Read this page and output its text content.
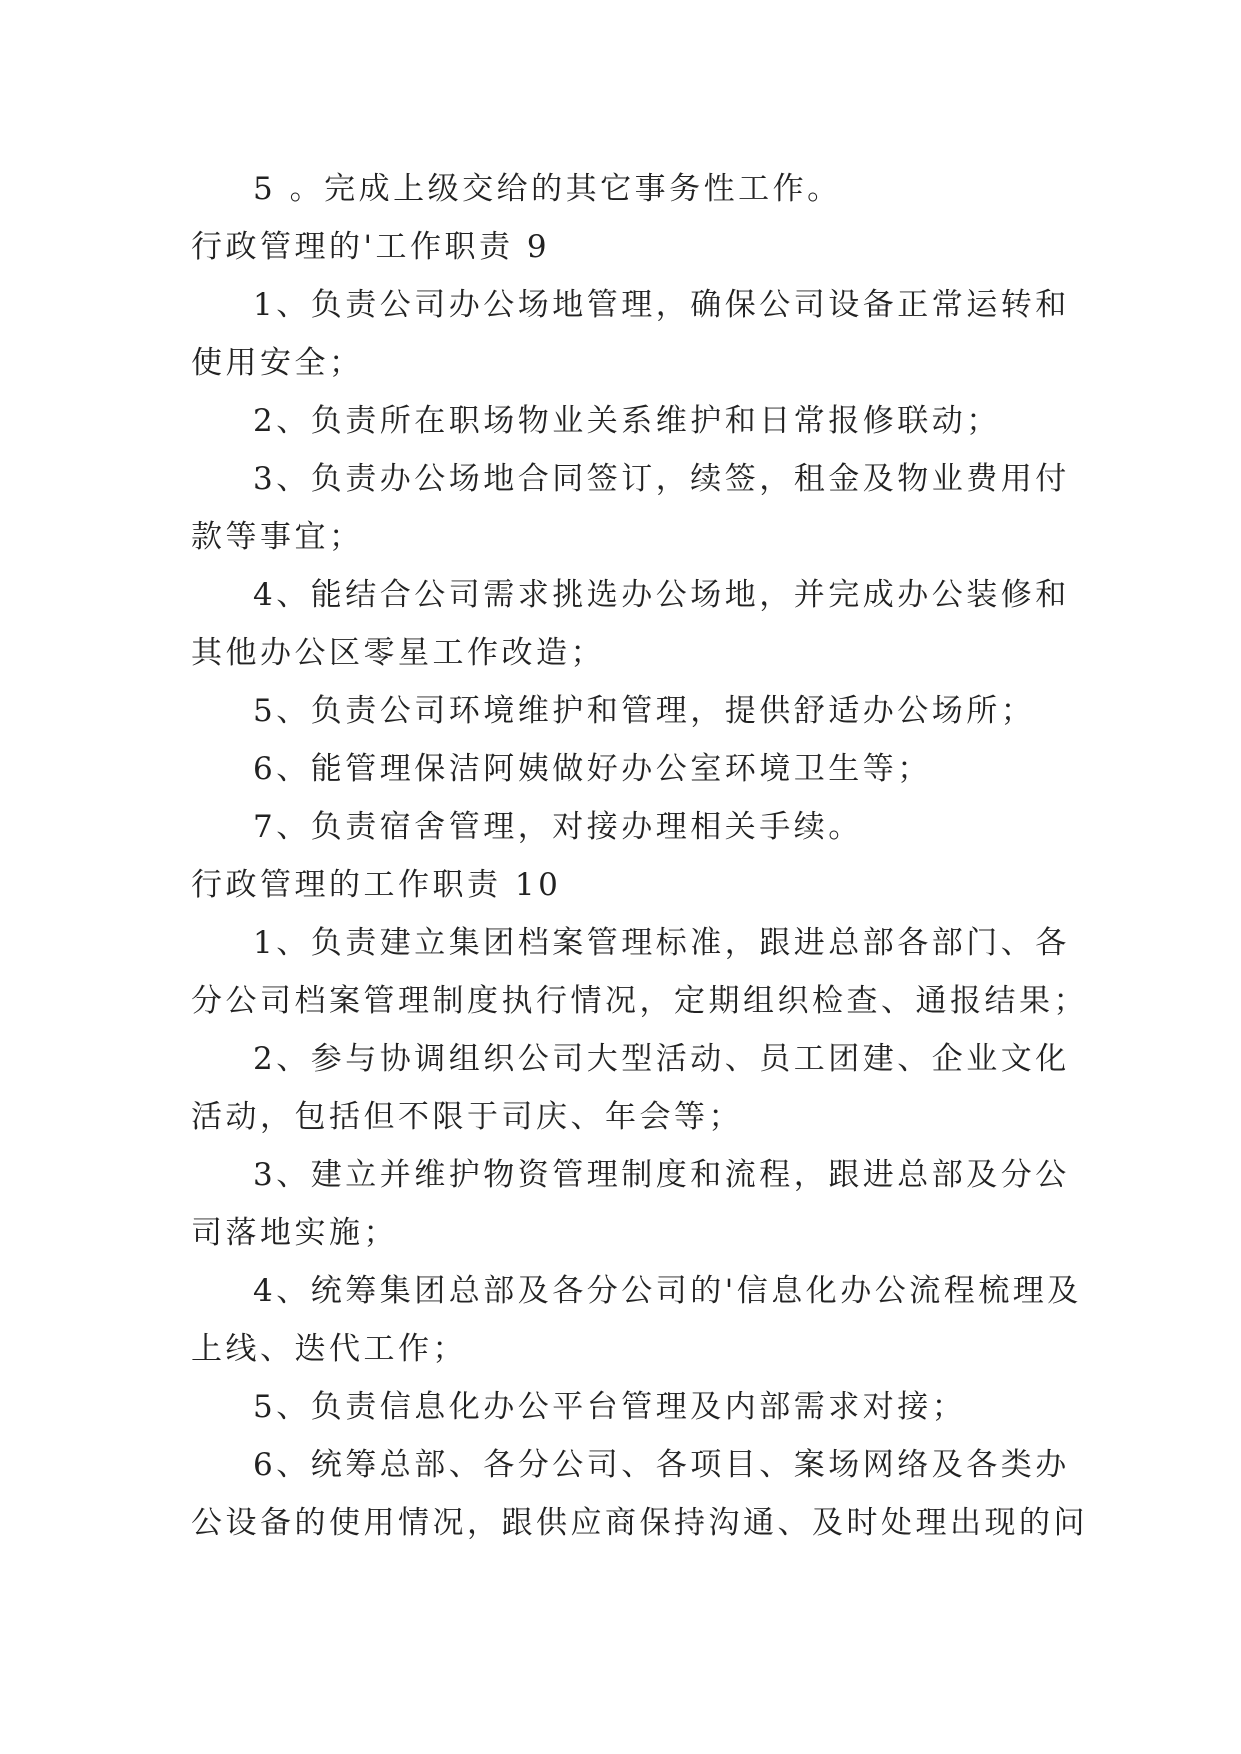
5 。完成上级交给的其它事务性工作。
行政管理的'工作职责 9
1、负责公司办公场地管理，确保公司设备正常运转和
使用安全；
2、负责所在职场物业关系维护和日常报修联动；
3、负责办公场地合同签订，续签，租金及物业费用付
款等事宜；
4、能结合公司需求挑选办公场地，并完成办公装修和
其他办公区零星工作改造；
5、负责公司环境维护和管理，提供舒适办公场所；
6、能管理保洁阿姨做好办公室环境卫生等；
7、负责宿舍管理，对接办理相关手续。
行政管理的工作职责 10
1、负责建立集团档案管理标准，跟进总部各部门、各
分公司档案管理制度执行情况，定期组织检查、通报结果；
2、参与协调组织公司大型活动、员工团建、企业文化
活动，包括但不限于司庆、年会等；
3、建立并维护物资管理制度和流程，跟进总部及分公
司落地实施；
4、统筹集团总部及各分公司的'信息化办公流程梳理及
上线、迭代工作；
5、负责信息化办公平台管理及内部需求对接；
6、统筹总部、各分公司、各项目、案场网络及各类办
公设备的使用情况，跟供应商保持沟通、及时处理出现的问
